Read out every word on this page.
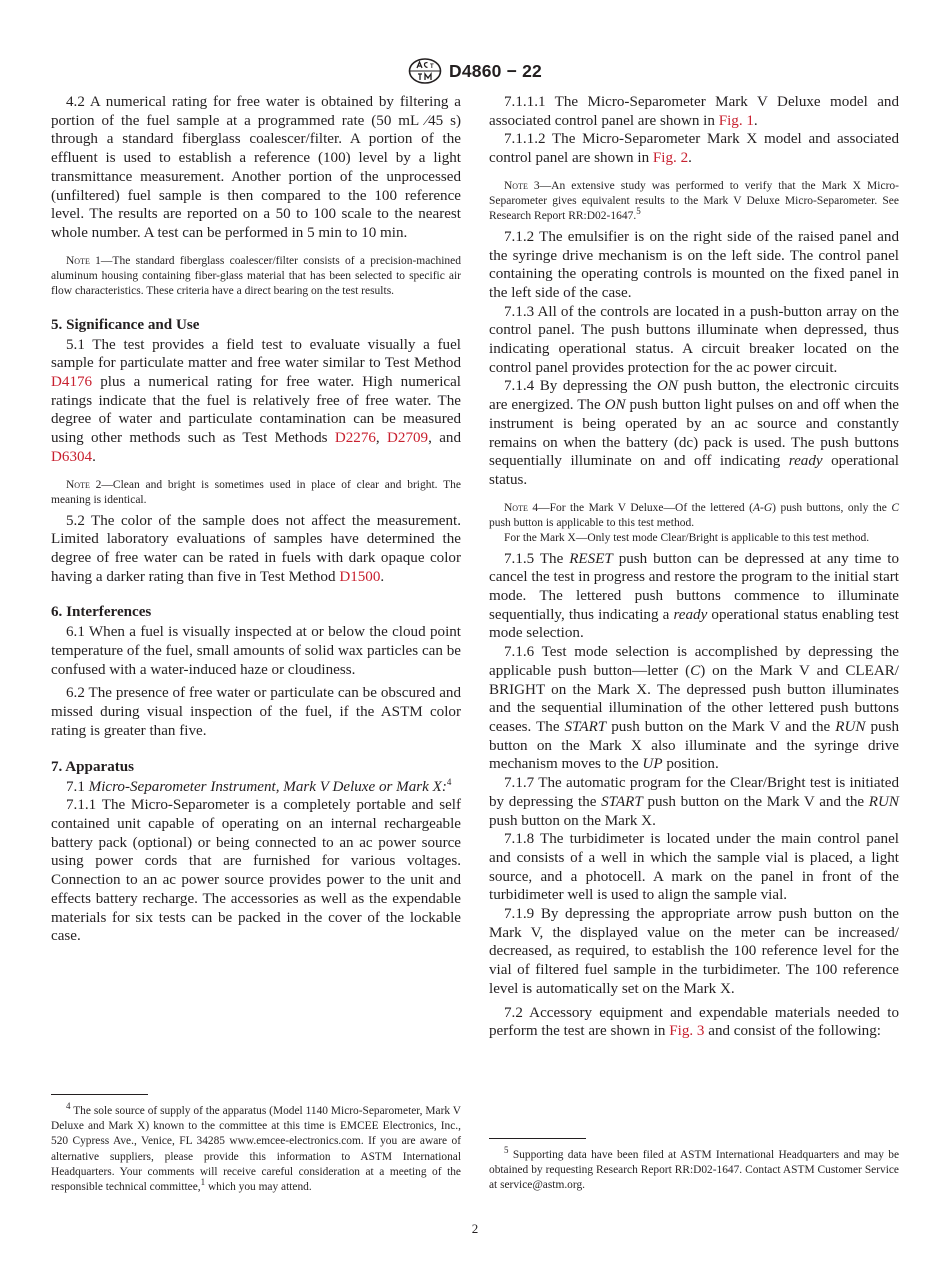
T D4860 − 22

4.2 A numerical rating for free water is obtained by filtering a portion of the fuel sample at a programmed rate (50 mL ⁄45 s) through a standard fiberglass coalescer/filter. A portion of the effluent is used to establish a reference (100) level by a light transmittance measurement. Another portion of the unprocessed (unfiltered) fuel sample is then compared to the 100 reference level. The results are reported on a 50 to 100 scale to the nearest whole number. A test can be performed in 5 min to 10 min.

Note 1—The standard fiberglass coalescer/filter consists of a precision-machined aluminum housing containing fiber-glass material that has been selected to specific air flow characteristics. These criteria have a direct bearing on the test results.

5. Significance and Use

5.1 The test provides a field test to evaluate visually a fuel sample for particulate matter and free water similar to Test Method D4176 plus a numerical rating for free water. High numerical ratings indicate that the fuel is relatively free of free water. The degree of water and particulate contamination can be measured using other methods such as Test Methods D2276, D2709, and D6304.

Note 2—Clean and bright is sometimes used in place of clear and bright. The meaning is identical.

5.2 The color of the sample does not affect the measurement. Limited laboratory evaluations of samples have determined the degree of free water can be rated in fuels with dark opaque color having a darker rating than five in Test Method D1500.

6. Interferences

6.1 When a fuel is visually inspected at or below the cloud point temperature of the fuel, small amounts of solid wax particles can be confused with a water-induced haze or cloudiness.

6.2 The presence of free water or particulate can be obscured and missed during visual inspection of the fuel, if the ASTM color rating is greater than five.

7. Apparatus

7.1 Micro-Separometer Instrument, Mark V Deluxe or Mark X:$^4$

7.1.1 The Micro-Separometer is a completely portable and self contained unit capable of operating on an internal rechargeable battery pack (optional) or being connected to an ac power source using power cords that are furnished for various voltages. Connection to an ac power source provides power to the unit and effects battery recharge. The accessories as well as the expendable materials for six tests can be packed in the cover of the lockable case.

$^4$ The sole source of supply of the apparatus (Model 1140 Micro-Separometer, Mark V Deluxe and Mark X) known to the committee at this time is EMCEE Electronics, Inc., 520 Cypress Ave., Venice, FL 34285 www.emcee-electronics.com. If you are aware of alternative suppliers, please provide this information to ASTM International Headquarters. Your comments will receive careful consideration at a meeting of the responsible technical committee,$^1$ which you may attend.

7.1.1.1 The Micro-Separometer Mark V Deluxe model and associated control panel are shown in Fig. 1.

7.1.1.2 The Micro-Separometer Mark X model and associated control panel are shown in Fig. 2.

Note 3—An extensive study was performed to verify that the Mark X Micro-Separometer gives equivalent results to the Mark V Deluxe Micro-Separometer. See Research Report RR:D02-1647.$^5$

7.1.2 The emulsifier is on the right side of the raised panel and the syringe drive mechanism is on the left side. The control panel containing the operating controls is mounted on the fixed panel in the left side of the case.

7.1.3 All of the controls are located in a push-button array on the control panel. The push buttons illuminate when depressed, thus indicating operational status. A circuit breaker located on the control panel provides protection for the ac power circuit.

7.1.4 By depressing the ON push button, the electronic circuits are energized. The ON push button light pulses on and off when the instrument is being operated by an ac source and constantly remains on when the battery (dc) pack is used. The push buttons sequentially illuminate on and off indicating ready operational status.

Note 4—For the Mark V Deluxe—Of the lettered (A-G) push buttons, only the C push button is applicable to this test method.

For the Mark X—Only test mode Clear/Bright is applicable to this test method.

7.1.5 The RESET push button can be depressed at any time to cancel the test in progress and restore the program to the initial start mode. The lettered push buttons commence to illuminate sequentially, thus indicating a ready operational status enabling test mode selection.

7.1.6 Test mode selection is accomplished by depressing the applicable push button—letter (C) on the Mark V and CLEAR/ BRIGHT on the Mark X. The depressed push button illuminates and the sequential illumination of the other lettered push buttons ceases. The START push button on the Mark V and the RUN push button on the Mark X also illuminate and the syringe drive mechanism moves to the UP position.

7.1.7 The automatic program for the Clear/Bright test is initiated by depressing the START push button on the Mark V and the RUN push button on the Mark X.

7.1.8 The turbidimeter is located under the main control panel and consists of a well in which the sample vial is placed, a light source, and a photocell. A mark on the panel in front of the turbidimeter well is used to align the sample vial.

7.1.9 By depressing the appropriate arrow push button on the Mark V, the displayed value on the meter can be increased/ decreased, as required, to establish the 100 reference level for the vial of filtered fuel sample in the turbidimeter. The 100 reference level is automatically set on the Mark X.

7.2 Accessory equipment and expendable materials needed to perform the test are shown in Fig. 3 and consist of the following:

$^5$ Supporting data have been filed at ASTM International Headquarters and may be obtained by requesting Research Report RR:D02-1647. Contact ASTM Customer Service at service@astm.org.

2
